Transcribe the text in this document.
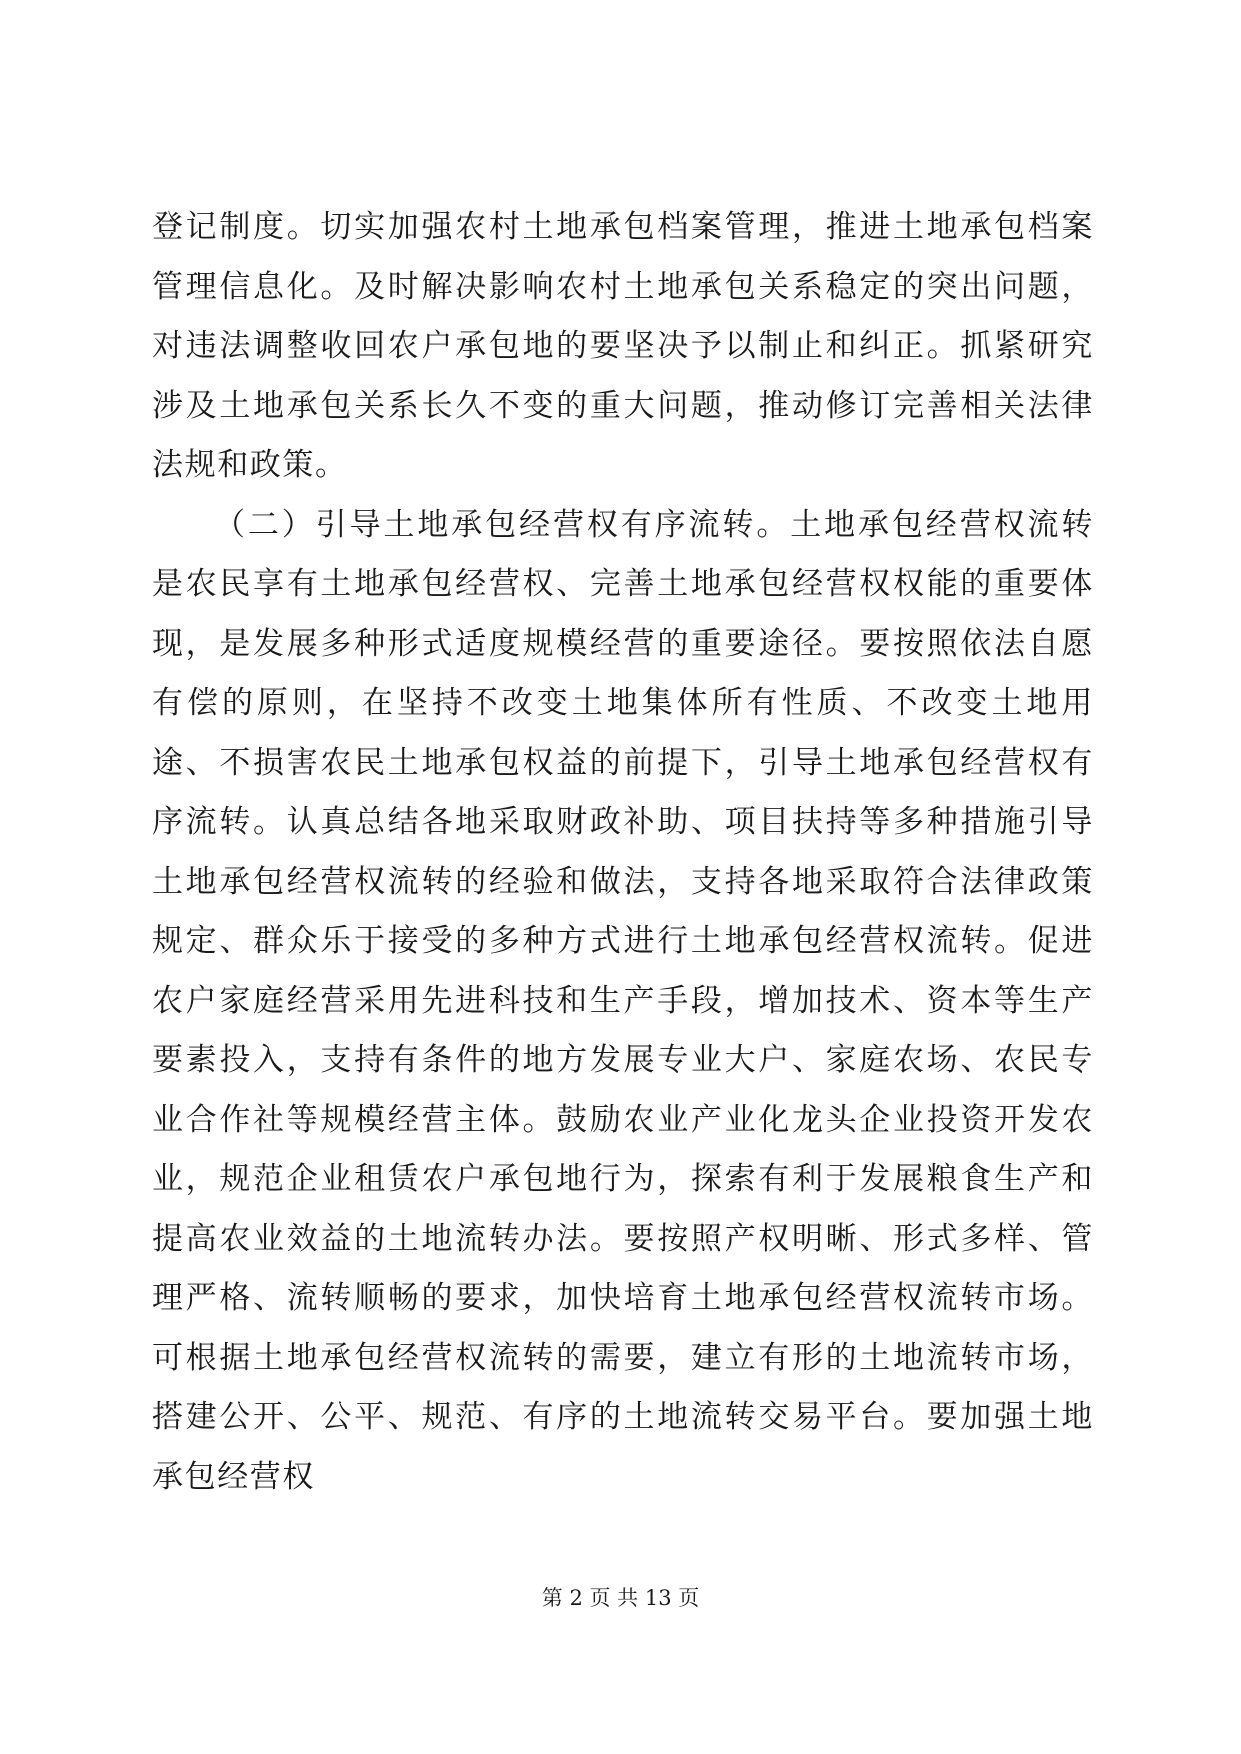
登记制度。切实加强农村土地承包档案管理，推进土地承包档案管理信息化。及时解决影响农村土地承包关系稳定的突出问题，对违法调整收回农户承包地的要坚决予以制止和纠正。抓紧研究涉及土地承包关系长久不变的重大问题，推动修订完善相关法律法规和政策。

（二）引导土地承包经营权有序流转。土地承包经营权流转是农民享有土地承包经营权、完善土地承包经营权权能的重要体现，是发展多种形式适度规模经营的重要途径。要按照依法自愿有偿的原则，在坚持不改变土地集体所有性质、不改变土地用途、不损害农民土地承包权益的前提下，引导土地承包经营权有序流转。认真总结各地采取财政补助、项目扶持等多种措施引导土地承包经营权流转的经验和做法，支持各地采取符合法律政策规定、群众乐于接受的多种方式进行土地承包经营权流转。促进农户家庭经营采用先进科技和生产手段，增加技术、资本等生产要素投入，支持有条件的地方发展专业大户、家庭农场、农民专业合作社等规模经营主体。鼓励农业产业化龙头企业投资开发农业，规范企业租赁农户承包地行为，探索有利于发展粮食生产和提高农业效益的土地流转办法。要按照产权明晰、形式多样、管理严格、流转顺畅的要求，加快培育土地承包经营权流转市场。可根据土地承包经营权流转的需要，建立有形的土地流转市场，搭建公开、公平、规范、有序的土地流转交易平台。要加强土地承包经营权

第 2 页 共 13 页
